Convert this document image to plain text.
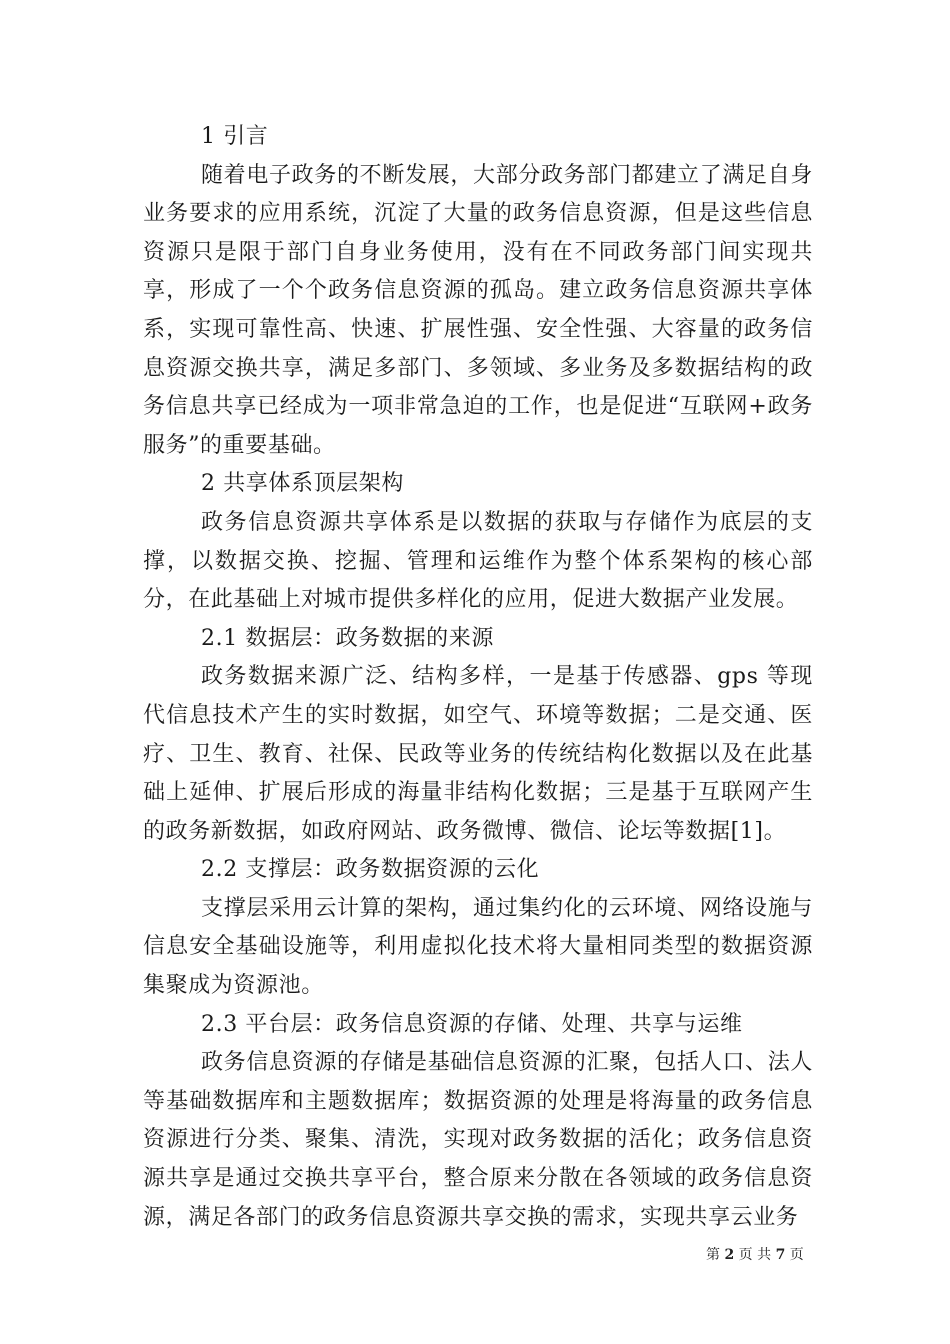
1 引言

随着电子政务的不断发展，大部分政务部门都建立了满足自身业务要求的应用系统，沉淀了大量的政务信息资源，但是这些信息资源只是限于部门自身业务使用，没有在不同政务部门间实现共享，形成了一个个政务信息资源的孤岛。建立政务信息资源共享体系，实现可靠性高、快速、扩展性强、安全性强、大容量的政务信息资源交换共享，满足多部门、多领域、多业务及多数据结构的政务信息共享已经成为一项非常急迫的工作，也是促进“互联网+政务服务”的重要基础。

2 共享体系顶层架构

政务信息资源共享体系是以数据的获取与存储作为底层的支撑，以数据交换、挖掘、管理和运维作为整个体系架构的核心部分，在此基础上对城市提供多样化的应用，促进大数据产业发展。

2.1 数据层：政务数据的来源

政务数据来源广泛、结构多样，一是基于传感器、gps 等现代信息技术产生的实时数据，如空气、环境等数据；二是交通、医疗、卫生、教育、社保、民政等业务的传统结构化数据以及在此基础上延伸、扩展后形成的海量非结构化数据；三是基于互联网产生的政务新数据，如政府网站、政务微博、微信、论坛等数据[1]。

2.2 支撑层：政务数据资源的云化

支撑层采用云计算的架构，通过集约化的云环境、网络设施与信息安全基础设施等，利用虚拟化技术将大量相同类型的数据资源集聚成为资源池。

2.3 平台层：政务信息资源的存储、处理、共享与运维

政务信息资源的存储是基础信息资源的汇聚，包括人口、法人等基础数据库和主题数据库；数据资源的处理是将海量的政务信息资源进行分类、聚集、清洗，实现对政务数据的活化；政务信息资源共享是通过交换共享平台，整合原来分散在各领域的政务信息资源，满足各部门的政务信息资源共享交换的需求，实现共享云业务

第 2 页 共 7 页
